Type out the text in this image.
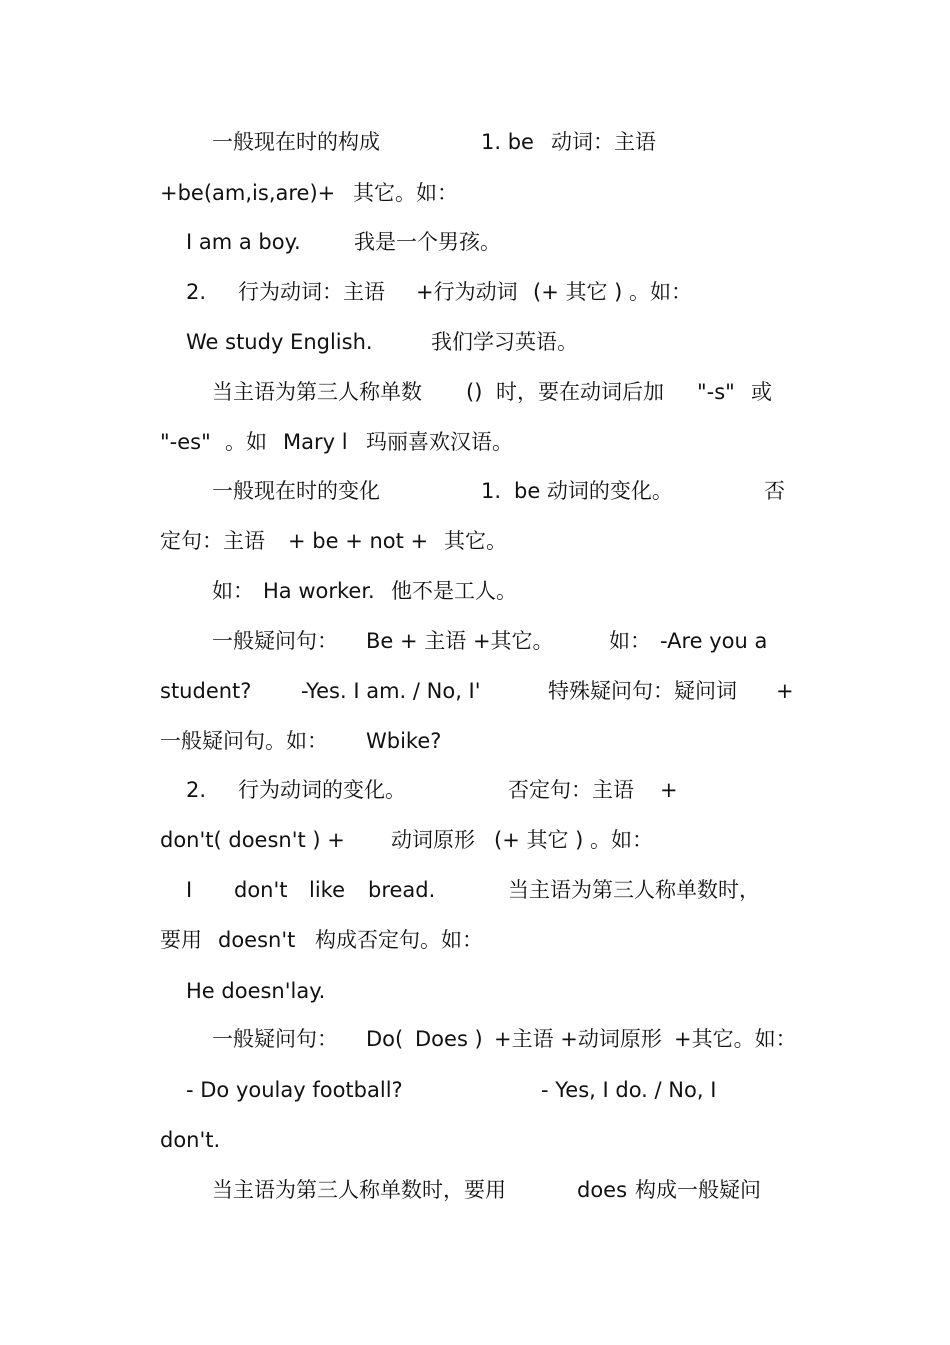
一般现在时的构成	1. be 动词：主语
+be(am,is,are)+ 其它。如：
I am a boy.	我是一个男孩。
2. 行为动词：主语 +行为动词 (+ 其它 ) 。如：
We study English.	我们学习英语。
当主语为第三人称单数 () 时，要在动词后加 "-s" 或
"-es" 。如 Mary l 玛丽喜欢汉语。
一般现在时的变化	1. be 动词的变化。	否
定句：主语 + be + not + 其它。
如： Ha worker. 他不是工人。
一般疑问句： Be + 主语 +其它。	如： -Are you a
student? -Yes. I am. / No, I'	特殊疑问句：疑问词 +
一般疑问句。如： Wbike?
2. 行为动词的变化。	否定句：主语 +
don't( doesn't ) + 动词原形 (+ 其它 ) 。如：
I don't like bread.	当主语为第三人称单数时，
要用 doesn't 构成否定句。如：
He doesn'lay.
一般疑问句： Do( Does ) +主语 +动词原形 +其它。如：
- Do youlay football?	- Yes, I do. / No, I
don't.
当主语为第三人称单数时，要用	does 构成一般疑问
